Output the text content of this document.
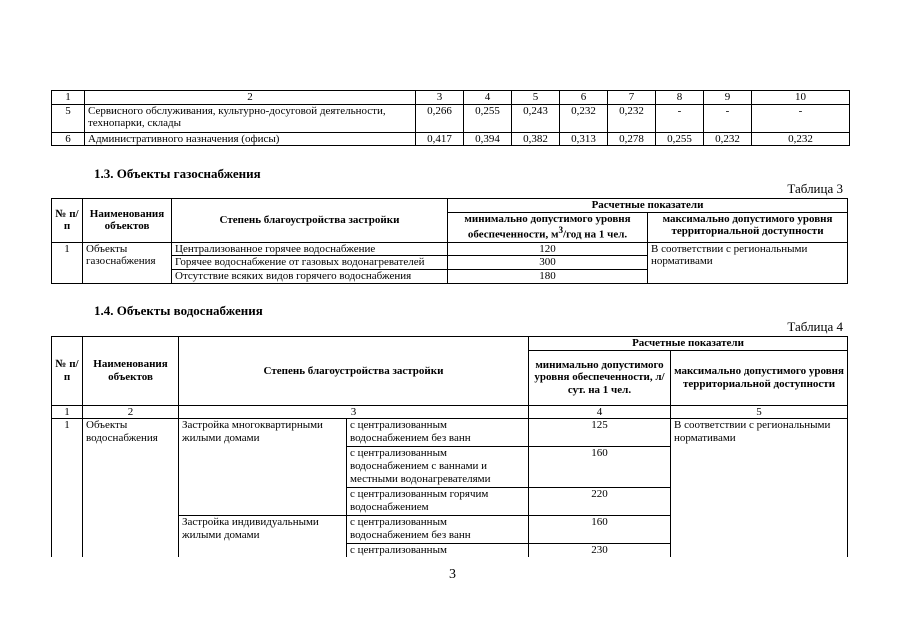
1	2	3	4	5	6	7	8	9	10
5	Сервисного обслуживания, культурно-досуговой деятельности, технопарки, склады	0,266	0,255	0,243	0,232	0,232	-	-	-
6	Административного назначения (офисы)	0,417	0,394	0,382	0,313	0,278	0,255	0,232	0,232
1.3. Объекты газоснабжения
Таблица 3
№ п/п	Наименования объектов	Степень благоустройства застройки	Расчетные показатели	
			минимально допустимого уровня обеспеченности, $м^3$/год на 1 чел.	максимально допустимого уровня территориальной доступности
1	Объекты газоснабжения	Централизованное горячее водоснабжение	120	В соответствии с региональными нормативами
		Горячее водоснабжение от газовых водонагревателей	300	
		Отсутствие всяких видов горячего водоснабжения	180	
1.4. Объекты водоснабжения
Таблица 4
№ п/п	Наименования объектов	Степень благоустройства застройки		Расчетные показатели	
				минимально допустимого уровня обеспеченности, л/сут. на 1 чел.	максимально допустимого уровня территориальной доступности
1	2	3		4	5
1	Объекты водоснабжения	Застройка многоквартирными жилыми домами	с централизованным водоснабжением без ванн	125	В соответствии с региональными нормативами
			с централизованным водоснабжением с ваннами и местными водонагревателями	160	
			с централизованным горячим водоснабжением	220	
		Застройка индивидуальными жилыми домами	с централизованным водоснабжением без ванн	160	
			с централизованным	230	
3
